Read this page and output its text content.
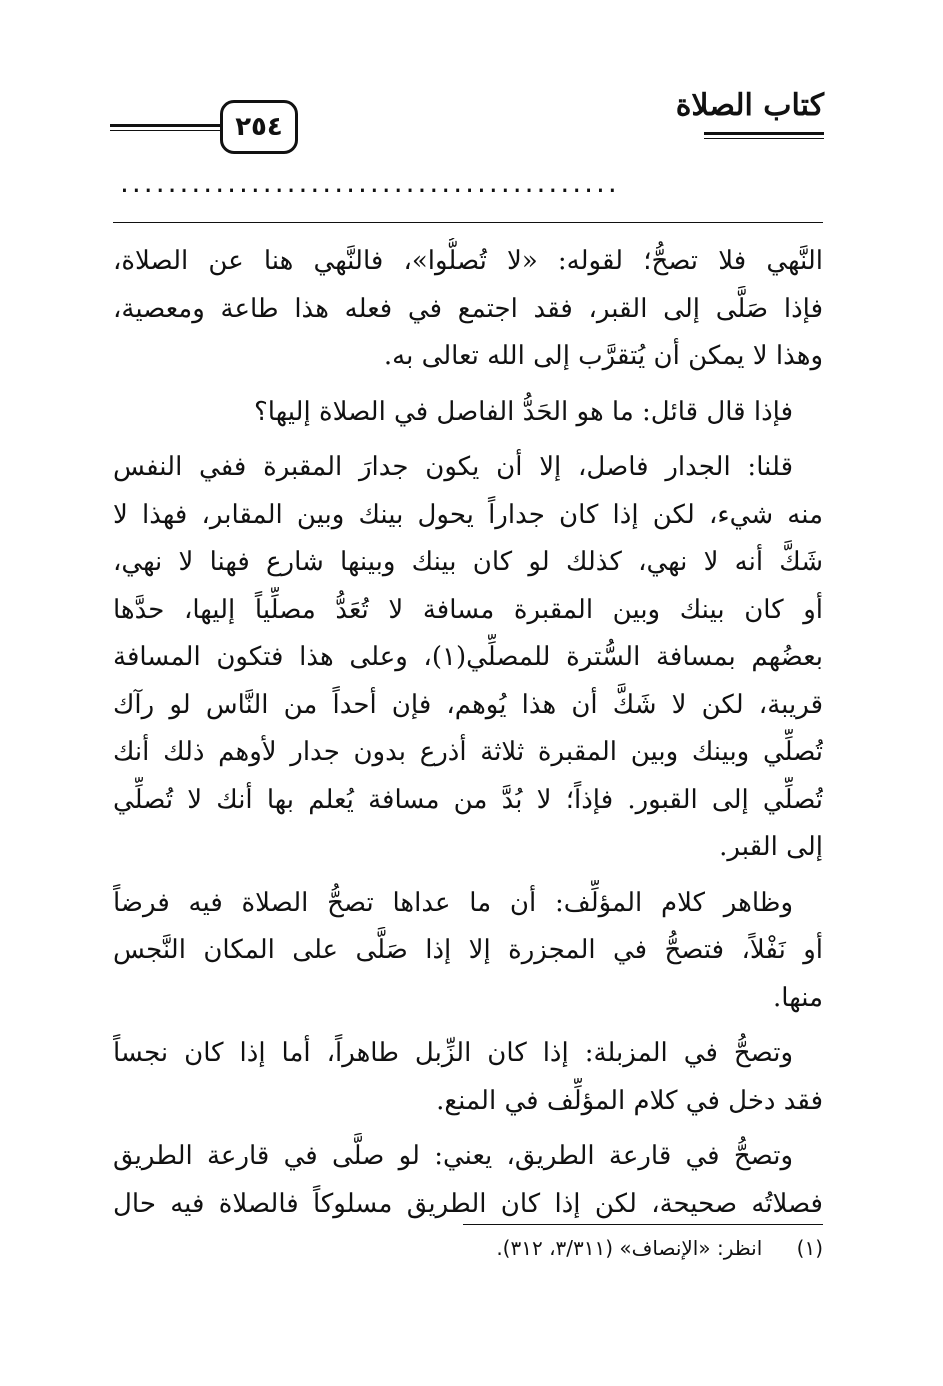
كتاب الصلاة
٢٥٤
..........................................
النَّهي فلا تصحُّ؛ لقوله: «لا تُصلُّوا»، فالنَّهي هنا عن الصلاة،
فإذا صَلَّى إلى القبر، فقد اجتمع في فعله هذا طاعة ومعصية،
وهذا لا يمكن أن يُتقرَّب إلى الله تعالى به.
فإذا قال قائل: ما هو الحَدُّ الفاصل في الصلاة إليها؟
قلنا: الجدار فاصل، إلا أن يكون جدارَ المقبرة ففي النفس
منه شيء، لكن إذا كان جداراً يحول بينك وبين المقابر، فهذا لا
شَكَّ أنه لا نهي، كذلك لو كان بينك وبينها شارع فهنا لا نهي،
أو كان بينك وبين المقبرة مسافة لا تُعَدُّ مصلِّياً إليها، حدَّها
بعضُهم بمسافة السُّترة للمصلِّي(١)، وعلى هذا فتكون المسافة
قريبة، لكن لا شَكَّ أن هذا يُوهم، فإن أحداً من النَّاس لو رآك
تُصلِّي وبينك وبين المقبرة ثلاثة أذرع بدون جدار لأوهم ذلك أنك
تُصلِّي إلى القبور. فإذاً؛ لا بُدَّ من مسافة يُعلم بها أنك لا تُصلِّي
إلى القبر.
وظاهر كلام المؤلِّف: أن ما عداها تصحُّ الصلاة فيه فرضاً
أو نَفْلاً، فتصحُّ في المجزرة إلا إذا صَلَّى على المكان النَّجس
منها.
وتصحُّ في المزبلة: إذا كان الزِّبل طاهراً، أما إذا كان نجساً
فقد دخل في كلام المؤلِّف في المنع.
وتصحُّ في قارعة الطريق، يعني: لو صلَّى في قارعة الطريق
فصلاتُه صحيحة، لكن إذا كان الطريق مسلوكاً فالصلاة فيه حال
(١) انظر: «الإنصاف» (٣/٣١١، ٣١٢).
